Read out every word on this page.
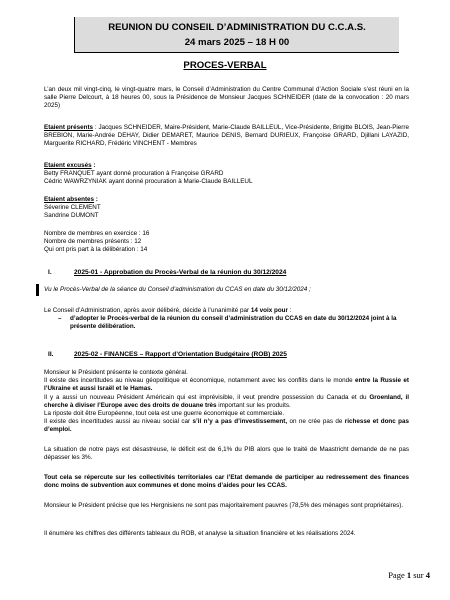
REUNION DU CONSEIL D’ADMINISTRATION DU C.C.A.S.
24 mars 2025 – 18 H 00
PROCES-VERBAL

L’an deux mil vingt-cinq, le vingt-quatre mars, le Conseil d’Administration du Centre Communal d’Action Sociale s’est réuni en la salle Pierre Delcourt, à 18 heures 00, sous la Présidence de Monsieur Jacques SCHNEIDER (date de la convocation : 20 mars 2025)

Etaient présents : Jacques SCHNEIDER, Maire-Président, Marie-Claude BAILLEUL, Vice-Présidente, Brigitte BLOIS, Jean-Pierre BREBION, Marie-Andrée DEHAY, Didier DEMARET, Maurice DENIS, Bernard DURIEUX, Françoise GRARD, Djillani LAYAZID, Marguerite RICHARD, Frédéric VINCHENT - Membres

Etaient excusés :
Betty FRANQUET ayant donné procuration à Françoise GRARD
Cédric WAWRZYNIAK ayant donné procuration à Marie-Claude BAILLEUL

Etaient absentes :
Séverine CLEMENT
Sandrine DUMONT

Nombre de membres en exercice : 16
Nombre de membres présents : 12
Qui ont pris part à la délibération : 14

I.	2025-01 - Approbation du Procès-Verbal de la réunion du 30/12/2024

Vu le Procès-Verbal de la séance du Conseil d’administration du CCAS en date du 30/12/2024 ;

Le Conseil d’Administration, après avoir délibéré, décide à l’unanimité par 14 voix pour :

–	d’adopter le Procès-verbal de la réunion du conseil d’administration du CCAS en date du 30/12/2024 joint à la présente délibération.
II.	2025-02 - FINANCES – Rapport d’Orientation Budgétaire (ROB) 2025

Monsieur le Président présente le contexte général.
Il existe des incertitudes au niveau géopolitique et économique, notamment avec les conflits dans le monde entre la Russie et l’Ukraine et aussi Israël et le Hamas.
Il y a aussi un nouveau Président Américain qui est imprévisible, il veut prendre possession du Canada et du Groenland, il cherche à diviser l’Europe avec des droits de douane très important sur les produits.
La riposte doit être Européenne, tout cela est une guerre économique et commerciale.

Il existe des incertitudes aussi au niveau social car s’il n’y a pas d’investissement, on ne crée pas de richesse et donc pas d’emploi.

La situation de notre pays est désastreuse, le déficit est de 6,1% du PIB alors que le traité de Maastricht demande de ne pas dépasser les 3%.

Tout cela se répercute sur les collectivités territoriales car l’Etat demande de participer au redressement des finances donc moins de subvention aux communes et donc moins d’aides pour les CCAS.

Monsieur le Président précise que les Hergnisiens ne sont pas majoritairement pauvres (78,5% des ménages sont propriétaires).

Il énumère les chiffres des différents tableaux du ROB, et analyse la situation financière et les réalisations 2024.

Page 1 sur 4
